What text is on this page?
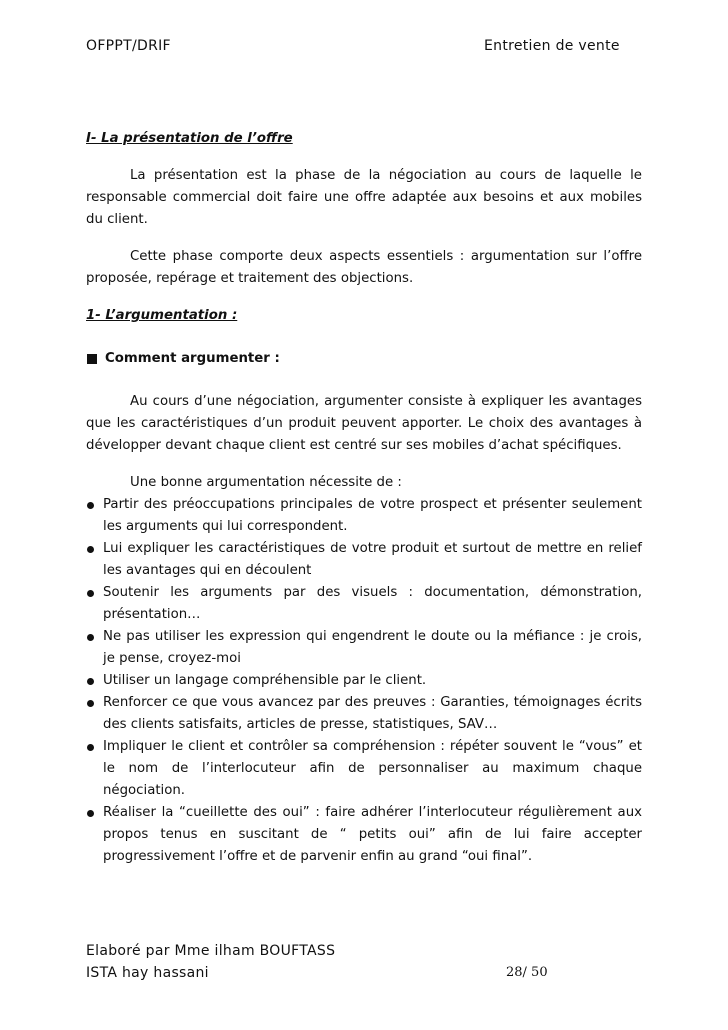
OFPPT/DRIF	Entretien de vente

I- La présentation de l’offre

La présentation est la phase de la négociation au cours de laquelle le responsable commercial doit faire une offre adaptée aux besoins et aux mobiles du client.

Cette phase comporte deux aspects essentiels : argumentation sur l’offre proposée, repérage et traitement des objections.

1- L’argumentation :

Comment argumenter :

Au cours d’une négociation, argumenter consiste à expliquer les avantages que les caractéristiques d’un produit peuvent apporter. Le choix des avantages à développer devant chaque client est centré sur ses mobiles d’achat spécifiques.

Une bonne argumentation nécessite de :

Partir des préoccupations principales de votre prospect et présenter seulement les arguments qui lui correspondent.
Lui expliquer les caractéristiques de votre produit et surtout de mettre en relief les avantages qui en découlent
Soutenir les arguments par des visuels : documentation, démonstration, présentation…
Ne pas utiliser les expression qui engendrent le doute ou la méfiance : je crois, je pense, croyez-moi
Utiliser un langage compréhensible par le client.
Renforcer ce que vous avancez par des preuves : Garanties, témoignages écrits des clients satisfaits, articles de presse, statistiques, SAV…
Impliquer le client et contrôler sa compréhension : répéter souvent le “vous” et le nom de l’interlocuteur afin de personnaliser au maximum chaque négociation.
Réaliser la “cueillette des oui” : faire adhérer l’interlocuteur régulièrement aux propos tenus en suscitant de “ petits oui” afin de lui faire accepter progressivement l’offre et de parvenir enfin au grand “oui final”.
Elaboré par Mme ilham BOUFTASS
ISTA hay hassani	28/ 50
